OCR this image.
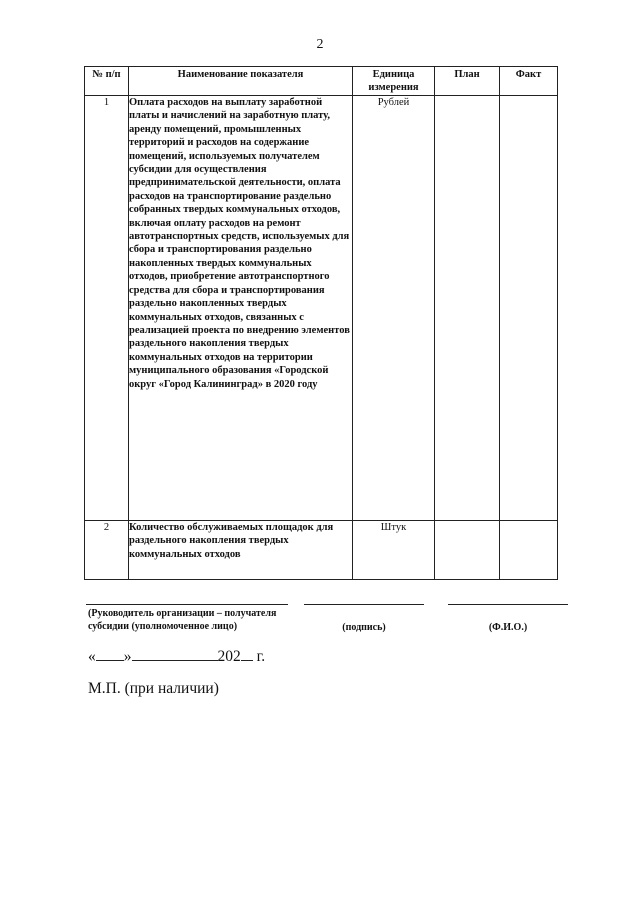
2
№ п/п	Наименование показателя	Единица измерения	План	Факт
1	Оплата расходов на выплату заработной платы и начислений на заработную плату, аренду помещений, промышленных территорий и расходов на содержание помещений, используемых получателем субсидии для осуществления предпринимательской деятельности, оплата расходов на транспортирование раздельно собранных твердых коммунальных отходов, включая оплату расходов на ремонт автотранспортных средств, используемых для сбора и транспортирования раздельно накопленных твердых коммунальных отходов, приобретение автотранспортного средства для сбора и транспортирования раздельно накопленных твердых коммунальных отходов, связанных с реализацией проекта по внедрению элементов раздельного накопления твердых коммунальных отходов на территории муниципального образования «Городской округ «Город Калининград» в 2020 году	Рублей		
2	Количество обслуживаемых площадок для раздельного накопления твердых коммунальных отходов	Штук		
(Руководитель организации – получателя субсидии (уполномоченное лицо)	(подпись)	(Ф.И.О.)
« »	202 г.
М.П. (при наличии)
